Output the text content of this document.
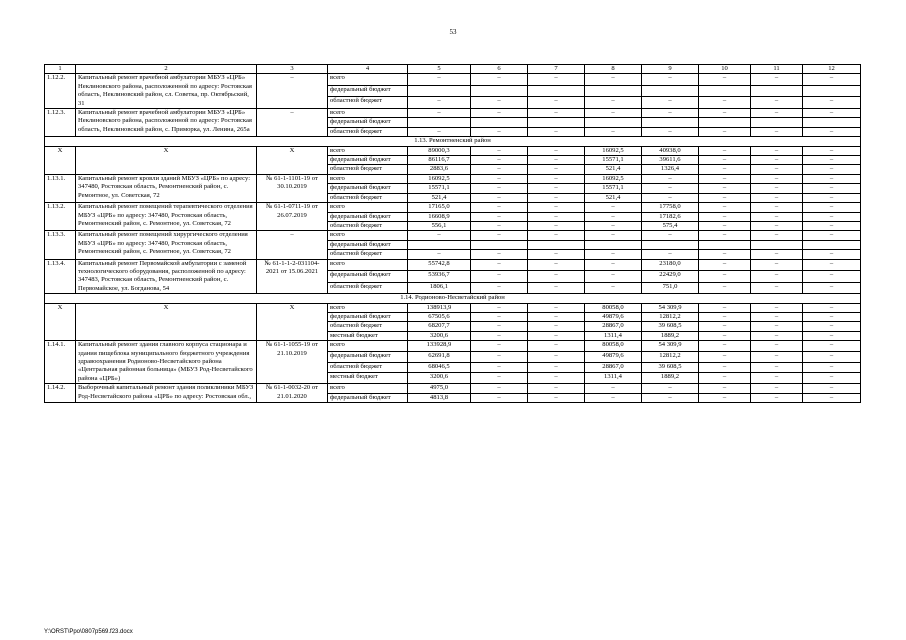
53
1	2	3	4	5	6	7	8	9	10	11	12
1.12.2.	Капитальный ремонт врачебной амбулатории МБУЗ «ЦРБ» Неклиновского района, расположенной по адресу: Ростовская область, Неклиновский район, сл. Советка, пр. Октябрьский, 31	–	всего	–	–	–	–	–	–	–	–
			федеральный бюджет								
			областной бюджет	–	–	–	–	–	–	–	–
1.12.3.	Капитальный ремонт врачебной амбулатории МБУЗ «ЦРБ» Неклиновского района, расположенной по адресу: Ростовская область, Неклиновский район, с. Приморка, ул. Ленина, 265а	–	всего	–	–	–	–	–	–	–	–
			федеральный бюджет								
			областной бюджет	–	–	–	–	–	–	–	–
1.13. Ремонтненский район											
Х	Х	Х	всего	89000,3	–	–	16092,5	40938,0	–	–	–
			федеральный бюджет	86116,7	–	–	15571,1	39611,6	–	–	–
			областной бюджет	2883,6	–	–	521,4	1326,4	–	–	–
1.13.1.	Капитальный ремонт кровли зданий МБУЗ «ЦРБ» по адресу: 347480, Ростовская область, Ремонтненский район, с. Ремонтное, ул. Советская, 72	№ 61-1-1101-19 от 30.10.2019	всего	16092,5	–	–	16092,5	–	–	–	–
			федеральный бюджет	15571,1	–	–	15571,1	–	–	–	–
			областной бюджет	521,4	–	–	521,4	–	–	–	–
1.13.2.	Капитальный ремонт помещений терапевтического отделения МБУЗ «ЦРБ» по адресу: 347480, Ростовская область, Ремонтненский район, с. Ремонтное, ул. Советская, 72	№ 61-1-0711-19 от 26.07.2019	всего	17165,0	–	–	–	17758,0	–	–	–
			федеральный бюджет	16608,9	–	–	–	17182,6	–	–	–
			областной бюджет	556,1	–	–	–	575,4	–	–	–
1.13.3.	Капитальный ремонт помещений хирургического отделения МБУЗ «ЦРБ» по адресу: 347480, Ростовская область, Ремонтненский район, с. Ремонтное, ул. Советская, 72	–	всего	–	–	–	–	–	–	–	–
			федеральный бюджет								
			областной бюджет	–	–	–	–	–	–	–	–
1.13.4.	Капитальный ремонт Первомайской амбулатории с заменой технологического оборудования, расположенной по адресу: 347483, Ростовская область, Ремонтненский район, с. Первомайское, ул. Богданова, 54	№ 61-1-1-2-031104-2021 от 15.06.2021	всего	55742,8	–	–	–	23180,0	–	–	–
			федеральный бюджет	53936,7	–	–	–	22429,0	–	–	–
			областной бюджет	1806,1	–	–	–	751,0	–	–	–
1.14. Родионово-Несветайский район											
Х	Х	Х	всего	138913,9	–	–	80058,0	54 309,9	–	–	–
			федеральный бюджет	67505,6	–	–	49879,6	12812,2	–	–	–
			областной бюджет	68207,7	–	–	28867,0	39 608,5	–	–	–
			местный бюджет	3200,6	–	–	1311,4	1889,2	–	–	–
1.14.1.	Капитальный ремонт здания главного корпуса стационара и здания пищеблока муниципального бюджетного учреждения здравоохранения Родионово-Несветайского района «Центральная районная больница» (МБУЗ Род-Несветайского района «ЦРБ»)	№ 61-1-1055-19 от 21.10.2019	всего	133928,9	–	–	80058,0	54 309,9	–	–	–
			федеральный бюджет	62691,8	–	–	49879,6	12812,2	–	–	–
			областной бюджет	68046,5	–	–	28867,0	39 608,5	–	–	–
			местный бюджет	3200,6	–	–	1311,4	1889,2	–	–	–
1.14.2.	Выборочный капитальный ремонт здания поликлиники МБУЗ Род-Несветайского района «ЦРБ» по адресу: Ростовская обл.,	№ 61-1-0032-20 от 21.01.2020	всего	4975,0	–	–	–	–	–	–	–
			федеральный бюджет	4813,8	–	–	–	–	–	–	–
Y:\ORST\Ppo\0807p569.f23.docx
